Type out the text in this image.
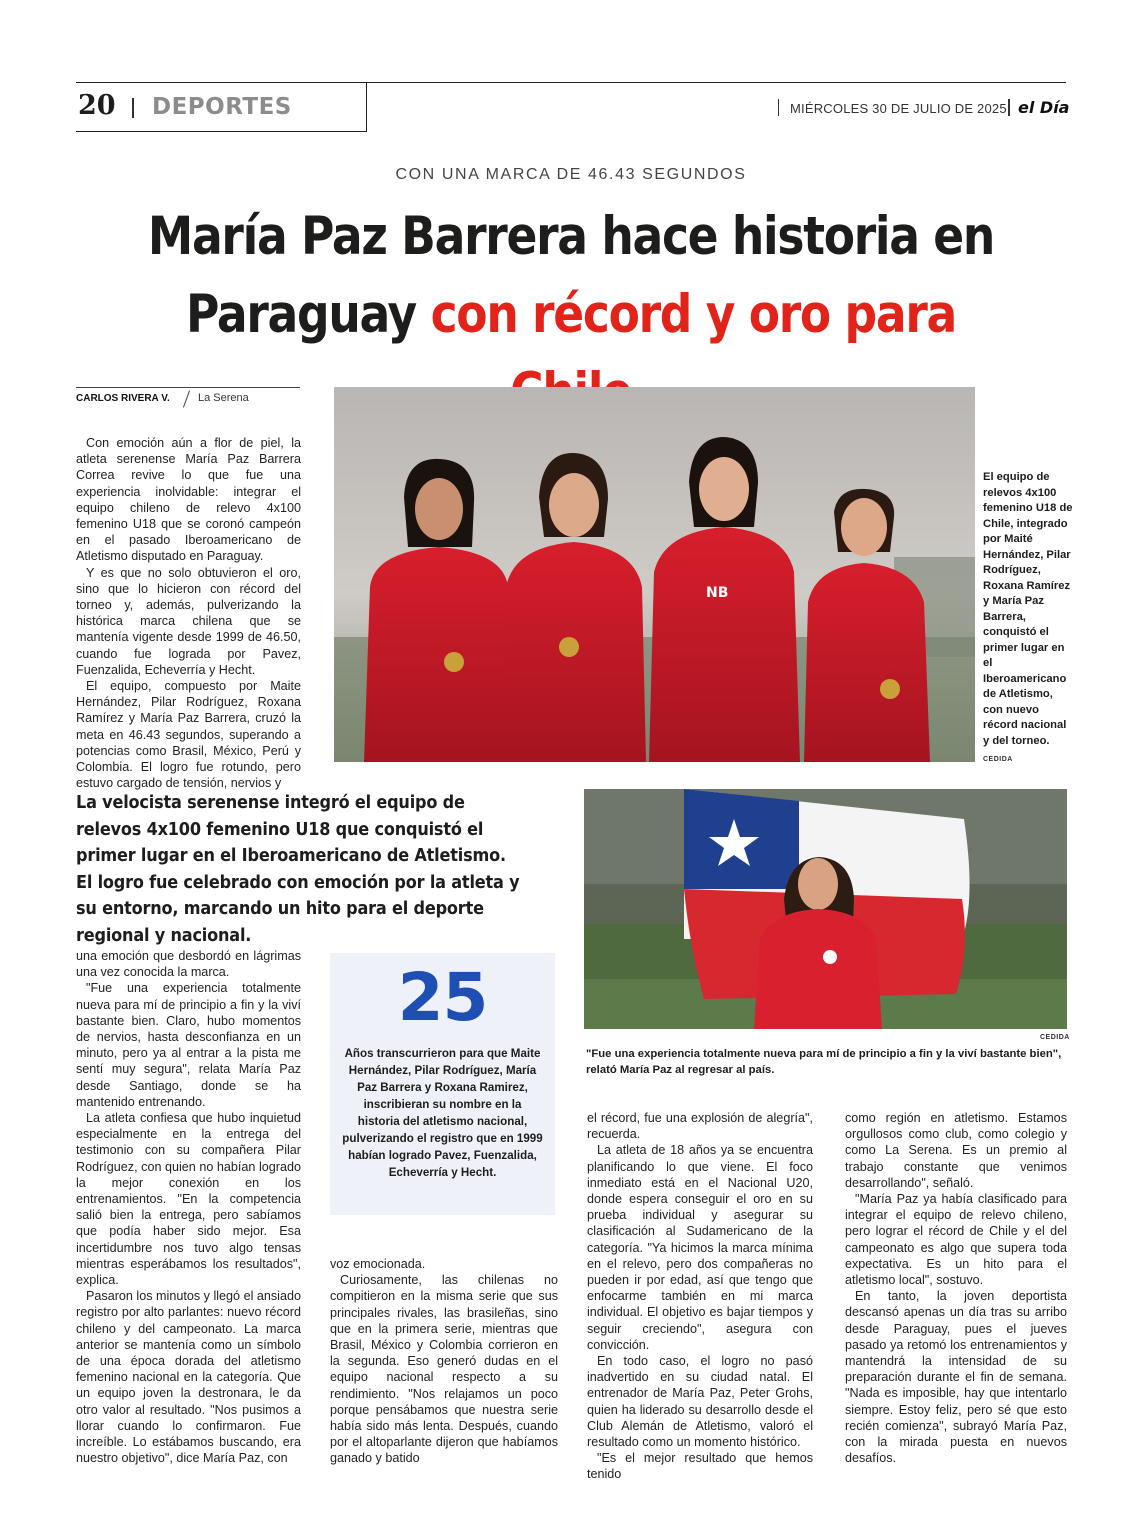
20 DEPORTES	MIÉRCOLES 30 DE JULIO DE 2025 el Día
CON UNA MARCA DE 46.43 SEGUNDOS
María Paz Barrera hace historia en
Paraguay con récord y oro para
CARLOS RIVERA V.	La Serena

Con emoción aún a flor de piel, la atleta serenense María Paz Barrera Correa revive lo que fue una experiencia inolvidable: integrar el equipo chileno de relevo 4x100 femenino U18 que se coronó campeón en el pasado Iberoamericano de Atletismo disputado en Paraguay.

Y es que no solo obtuvieron el oro, sino que lo hicieron con récord del torneo y, además, pulverizando la histórica marca chilena que se mantenía vigente desde 1999 de 46.50, cuando fue lograda por Pavez, Fuenzalida, Echeverría y Hecht.

El equipo, compuesto por Maite Hernández, Pilar Rodríguez, Roxana Ramírez y María Paz Barrera, cruzó la meta en 46.43 segundos, superando a potencias como Brasil, México, Perú y Colombia. El logro fue rotundo, pero estuvo cargado de tensión, nervios y

NB
El equipo de relevos 4x100 femenino U18 de Chile, integrado por Maité Hernández, Pilar Rodríguez, Roxana Ramírez y María Paz Barrera, conquistó el primer lugar en el Iberoamericano de Atletismo, con nuevo récord nacional y del torneo.
CEDIDA
La velocista serenense integró el equipo de relevos 4x100 femenino U18 que conquistó el primer lugar en el Iberoamericano de Atletismo. El logro fue celebrado con emoción por la atleta y su entorno, marcando un hito para el deporte regional y nacional.
CEDIDA
"Fue una experiencia totalmente nueva para mí de principio a fin y la viví bastante bien", relató María Paz al regresar al país.

una emoción que desbordó en lágrimas una vez conocida la marca.

"Fue una experiencia totalmente nueva para mí de principio a fin y la viví bastante bien. Claro, hubo momentos de nervios, hasta desconfianza en un minuto, pero ya al entrar a la pista me sentí muy segura", relata María Paz desde Santiago, donde se ha mantenido entrenando.

La atleta confiesa que hubo inquietud especialmente en la entrega del testimonio con su compañera Pilar Rodríguez, con quien no habían logrado la mejor conexión en los entrenamientos. "En la competencia salió bien la entrega, pero sabíamos que podía haber sido mejor. Esa incertidumbre nos tuvo algo tensas mientras esperábamos los resultados", explica.

Pasaron los minutos y llegó el ansiado registro por alto parlantes: nuevo récord chileno y del campeonato. La marca anterior se mantenía como un símbolo de una época dorada del atletismo femenino nacional en la categoría. Que un equipo joven la destronara, le da otro valor al resultado. "Nos pusimos a llorar cuando lo confirmaron. Fue increíble. Lo estábamos buscando, era nuestro objetivo", dice María Paz, con

25
Años transcurrieron para que Maite Hernández, Pilar Rodríguez, María Paz Barrera y Roxana Ramirez, inscribieran su nombre en la historia del atletismo nacional, pulverizando el registro que en 1999 habían logrado Pavez, Fuenzalida, Echeverría y Hecht.

voz emocionada.

Curiosamente, las chilenas no compitieron en la misma serie que sus principales rivales, las brasileñas, sino que en la primera serie, mientras que Brasil, México y Colombia corrieron en la segunda. Eso generó dudas en el equipo nacional respecto a su rendimiento. "Nos relajamos un poco porque pensábamos que nuestra serie había sido más lenta. Después, cuando por el altoparlante dijeron que habíamos ganado y batido

el récord, fue una explosión de alegría", recuerda.

La atleta de 18 años ya se encuentra planificando lo que viene. El foco inmediato está en el Nacional U20, donde espera conseguir el oro en su prueba individual y asegurar su clasificación al Sudamericano de la categoría. "Ya hicimos la marca mínima en el relevo, pero dos compañeras no pueden ir por edad, así que tengo que enfocarme también en mi marca individual. El objetivo es bajar tiempos y seguir creciendo", asegura con convicción.

En todo caso, el logro no pasó inadvertido en su ciudad natal. El entrenador de María Paz, Peter Grohs, quien ha liderado su desarrollo desde el Club Alemán de Atletismo, valoró el resultado como un momento histórico.

"Es el mejor resultado que hemos tenido

como región en atletismo. Estamos orgullosos como club, como colegio y como La Serena. Es un premio al trabajo constante que venimos desarrollando", señaló.

"María Paz ya había clasificado para integrar el equipo de relevo chileno, pero lograr el récord de Chile y el del campeonato es algo que supera toda expectativa. Es un hito para el atletismo local", sostuvo.

En tanto, la joven deportista descansó apenas un día tras su arribo desde Paraguay, pues el jueves pasado ya retomó los entrenamientos y mantendrá la intensidad de su preparación durante el fin de semana. "Nada es imposible, hay que intentarlo siempre. Estoy feliz, pero sé que esto recién comienza", subrayó María Paz, con la mirada puesta en nuevos desafíos.
